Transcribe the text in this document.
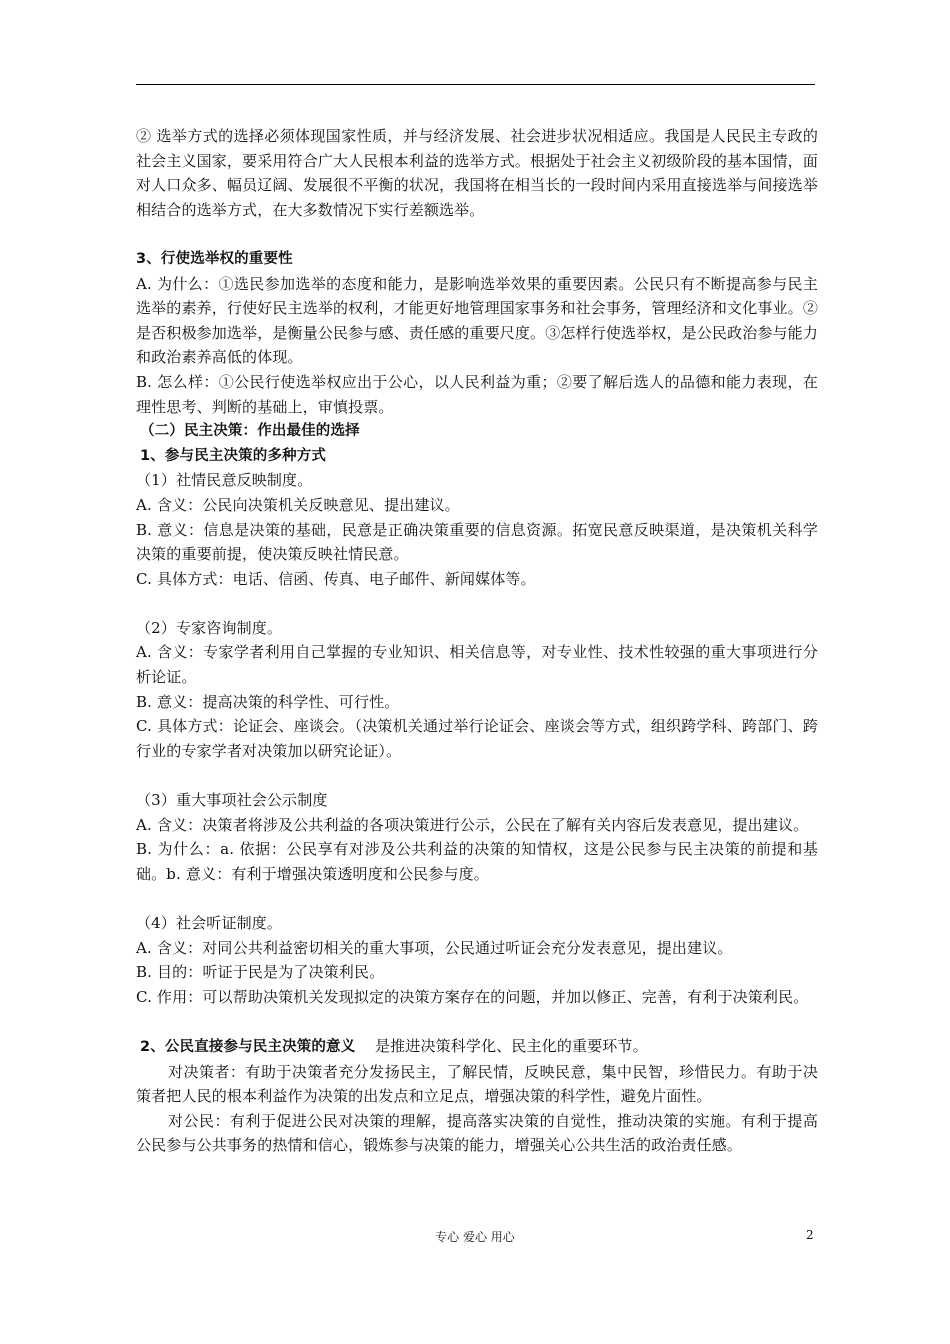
② 选举方式的选择必须体现国家性质，并与经济发展、社会进步状况相适应。我国是人民民主专政的社会主义国家，要采用符合广大人民根本利益的选举方式。根据处于社会主义初级阶段的基本国情，面对人口众多、幅员辽阔、发展很不平衡的状况，我国将在相当长的一段时间内采用直接选举与间接选举相结合的选举方式，在大多数情况下实行差额选举。

3、行使选举权的重要性

A. 为什么：①选民参加选举的态度和能力，是影响选举效果的重要因素。公民只有不断提高参与民主选举的素养，行使好民主选举的权利，才能更好地管理国家事务和社会事务，管理经济和文化事业。②是否积极参加选举，是衡量公民参与感、责任感的重要尺度。③怎样行使选举权，是公民政治参与能力和政治素养高低的体现。

B. 怎么样：①公民行使选举权应出于公心，以人民利益为重；②要了解后选人的品德和能力表现，在理性思考、判断的基础上，审慎投票。

（二）民主决策：作出最佳的选择

1、参与民主决策的多种方式

（1）社情民意反映制度。

A. 含义：公民向决策机关反映意见、提出建议。

B. 意义：信息是决策的基础，民意是正确决策重要的信息资源。拓宽民意反映渠道，是决策机关科学决策的重要前提，使决策反映社情民意。

C. 具体方式：电话、信函、传真、电子邮件、新闻媒体等。

（2）专家咨询制度。

A. 含义：专家学者利用自己掌握的专业知识、相关信息等，对专业性、技术性较强的重大事项进行分析论证。

B. 意义：提高决策的科学性、可行性。

C. 具体方式：论证会、座谈会。（决策机关通过举行论证会、座谈会等方式，组织跨学科、跨部门、跨行业的专家学者对决策加以研究论证）。

（3）重大事项社会公示制度

A. 含义：决策者将涉及公共利益的各项决策进行公示，公民在了解有关内容后发表意见，提出建议。

B. 为什么：a. 依据：公民享有对涉及公共利益的决策的知情权，这是公民参与民主决策的前提和基础。b. 意义：有利于增强决策透明度和公民参与度。

（4）社会听证制度。

A. 含义：对同公共利益密切相关的重大事项，公民通过听证会充分发表意见，提出建议。

B. 目的：听证于民是为了决策利民。

C. 作用：可以帮助决策机关发现拟定的决策方案存在的问题，并加以修正、完善，有利于决策利民。

2、公民直接参与民主决策的意义 是推进决策科学化、民主化的重要环节。

对决策者：有助于决策者充分发扬民主，了解民情，反映民意，集中民智，珍惜民力。有助于决策者把人民的根本利益作为决策的出发点和立足点，增强决策的科学性，避免片面性。

对公民：有利于促进公民对决策的理解，提高落实决策的自觉性，推动决策的实施。有利于提高公民参与公共事务的热情和信心，锻炼参与决策的能力，增强关心公共生活的政治责任感。

专心 爱心 用心	2
